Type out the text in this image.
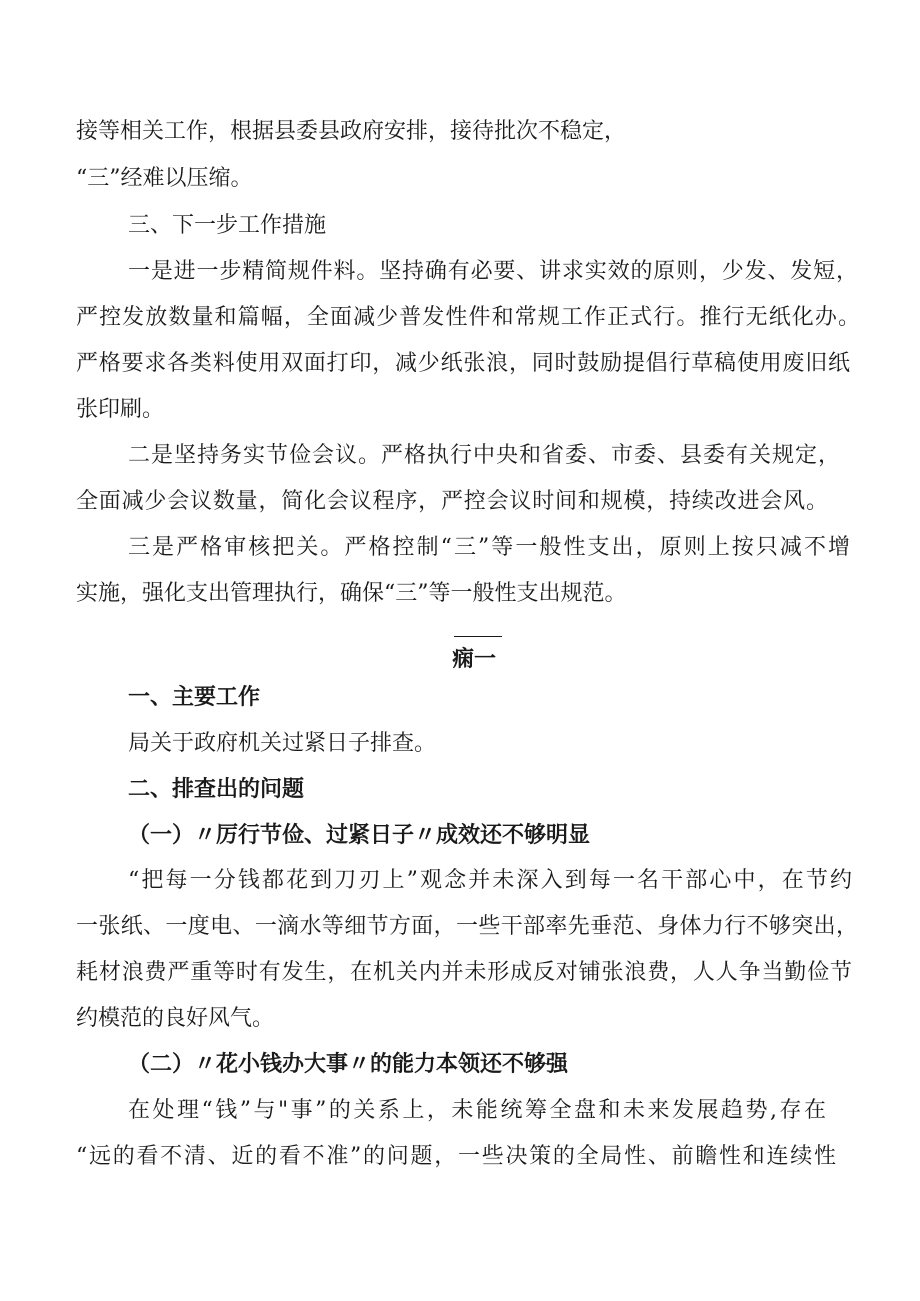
接等相关工作，根据县委县政府安排，接待批次不稳定，

“三”经难以压缩。

三、下一步工作措施

一是进一步精简规件料。坚持确有必要、讲求实效的原则，少发、发短，

严控发放数量和篇幅，全面减少普发性件和常规工作正式行。推行无纸化办。

严格要求各类料使用双面打印，减少纸张浪，同时鼓励提倡行草稿使用废旧纸

张印刷。

二是坚持务实节俭会议。严格执行中央和省委、市委、县委有关规定，

全面减少会议数量，简化会议程序，严控会议时间和规模，持续改进会风。

三是严格审核把关。严格控制“三”等一般性支出，原则上按只减不增

实施，强化支出管理执行，确保“三”等一般性支出规范。

痫一

一、主要工作

局关于政府机关过紧日子排查。

二、排查出的问题

（一）〃厉行节俭、过紧日子〃成效还不够明显

“把每一分钱都花到刀刃上”观念并未深入到每一名干部心中，在节约

一张纸、一度电、一滴水等细节方面，一些干部率先垂范、身体力行不够突出，

耗材浪费严重等时有发生，在机关内并未形成反对铺张浪费，人人争当勤俭节

约模范的良好风气。

（二）〃花小钱办大事〃的能力本领还不够强

在处理“钱”与"事”的关系上，未能统筹全盘和未来发展趋势,存在

“远的看不清、近的看不准”的问题，一些决策的全局性、前瞻性和连续性
